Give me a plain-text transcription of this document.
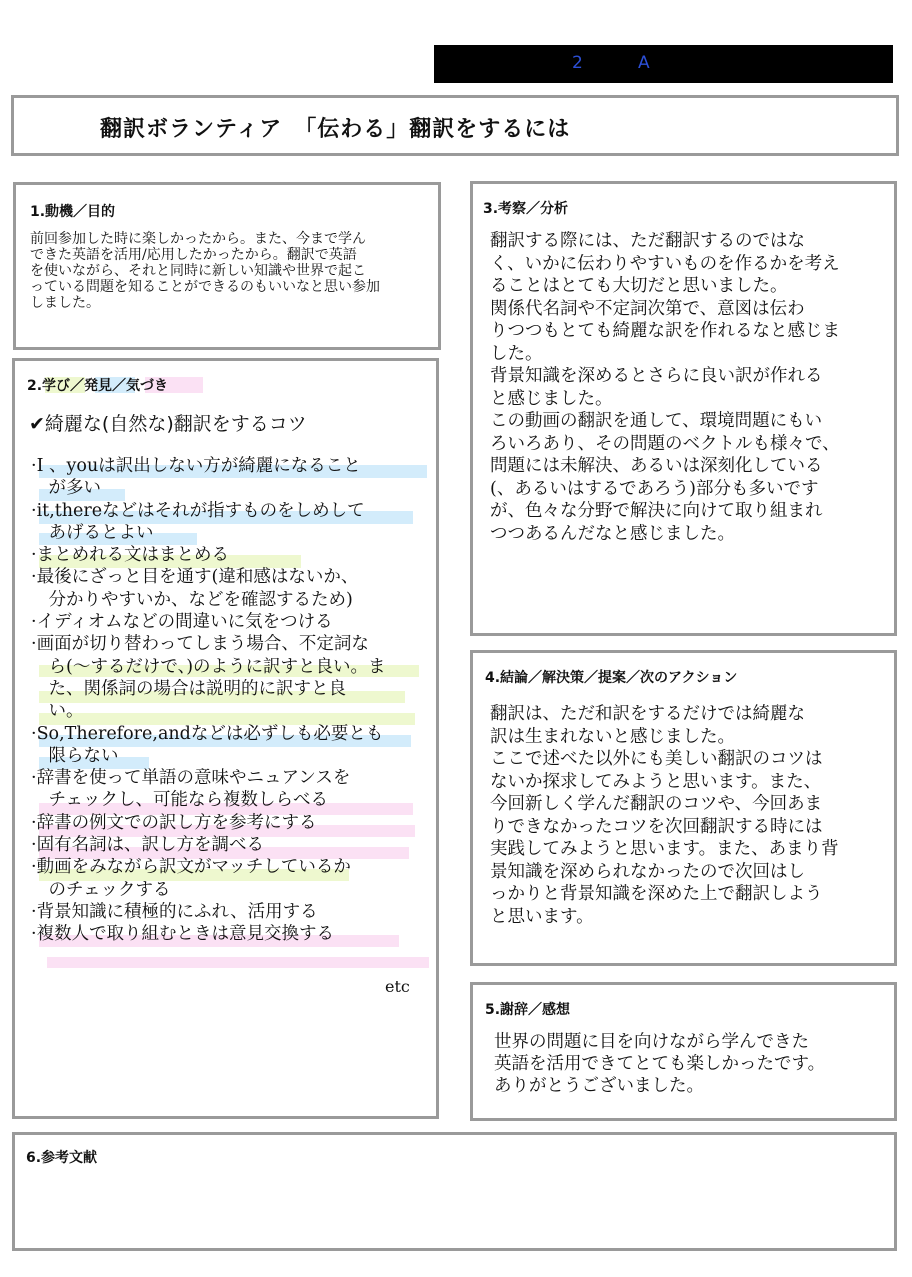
2	A
翻訳ボランティア　「伝わる」翻訳をするには
1.動機／目的
前回参加した時に楽しかったから。また、今まで学ん
できた英語を活用/応用したかったから。翻訳で英語
を使いながら、それと同時に新しい知識や世界で起こ
っている問題を知ることができるのもいいなと思い参加
しました。
2.学び／発見／気づき
✔綺麗な(自然な)翻訳をするコツ
·I 、youは訳出しない方が綺麗になること
　が多い
·it,thereなどはそれが指すものをしめして
　あげるとよい
·まとめれる文はまとめる
·最後にざっと目を通す(違和感はないか、
　分かりやすいか、などを確認するため)
·イディオムなどの間違いに気をつける
·画面が切り替わってしまう場合、不定詞な
　ら(〜するだけで、)のように訳すと良い。ま
　た、関係詞の場合は説明的に訳すと良
　い。
·So,Therefore,andなどは必ずしも必要とも
　限らない
·辞書を使って単語の意味やニュアンスを
　チェックし、可能なら複数しらべる
·辞書の例文での訳し方を参考にする
·固有名詞は、訳し方を調べる
·動画をみながら訳文がマッチしているか
　のチェックする
·背景知識に積極的にふれ、活用する
·複数人で取り組むときは意見交換する
etc
3.考察／分析
翻訳する際には、ただ翻訳するのではな
く、いかに伝わりやすいものを作るかを考え
ることはとても大切だと思いました。
関係代名詞や不定詞次第で、意図は伝わ
りつつもとても綺麗な訳を作れるなと感じま
した。
背景知識を深めるとさらに良い訳が作れる
と感じました。
この動画の翻訳を通して、環境問題にもい
ろいろあり、その問題のベクトルも様々で、
問題には未解決、あるいは深刻化している
(、あるいはするであろう)部分も多いです
が、色々な分野で解決に向けて取り組まれ
つつあるんだなと感じました。
4.結論／解決策／提案／次のアクション
翻訳は、ただ和訳をするだけでは綺麗な
訳は生まれないと感じました。
ここで述べた以外にも美しい翻訳のコツは
ないか探求してみようと思います。また、
今回新しく学んだ翻訳のコツや、今回あま
りできなかったコツを次回翻訳する時には
実践してみようと思います。また、あまり背
景知識を深められなかったので次回はし
っかりと背景知識を深めた上で翻訳しよう
と思います。
5.謝辞／感想
世界の問題に目を向けながら学んできた
英語を活用できてとても楽しかったです。
ありがとうございました。
6.参考文献
